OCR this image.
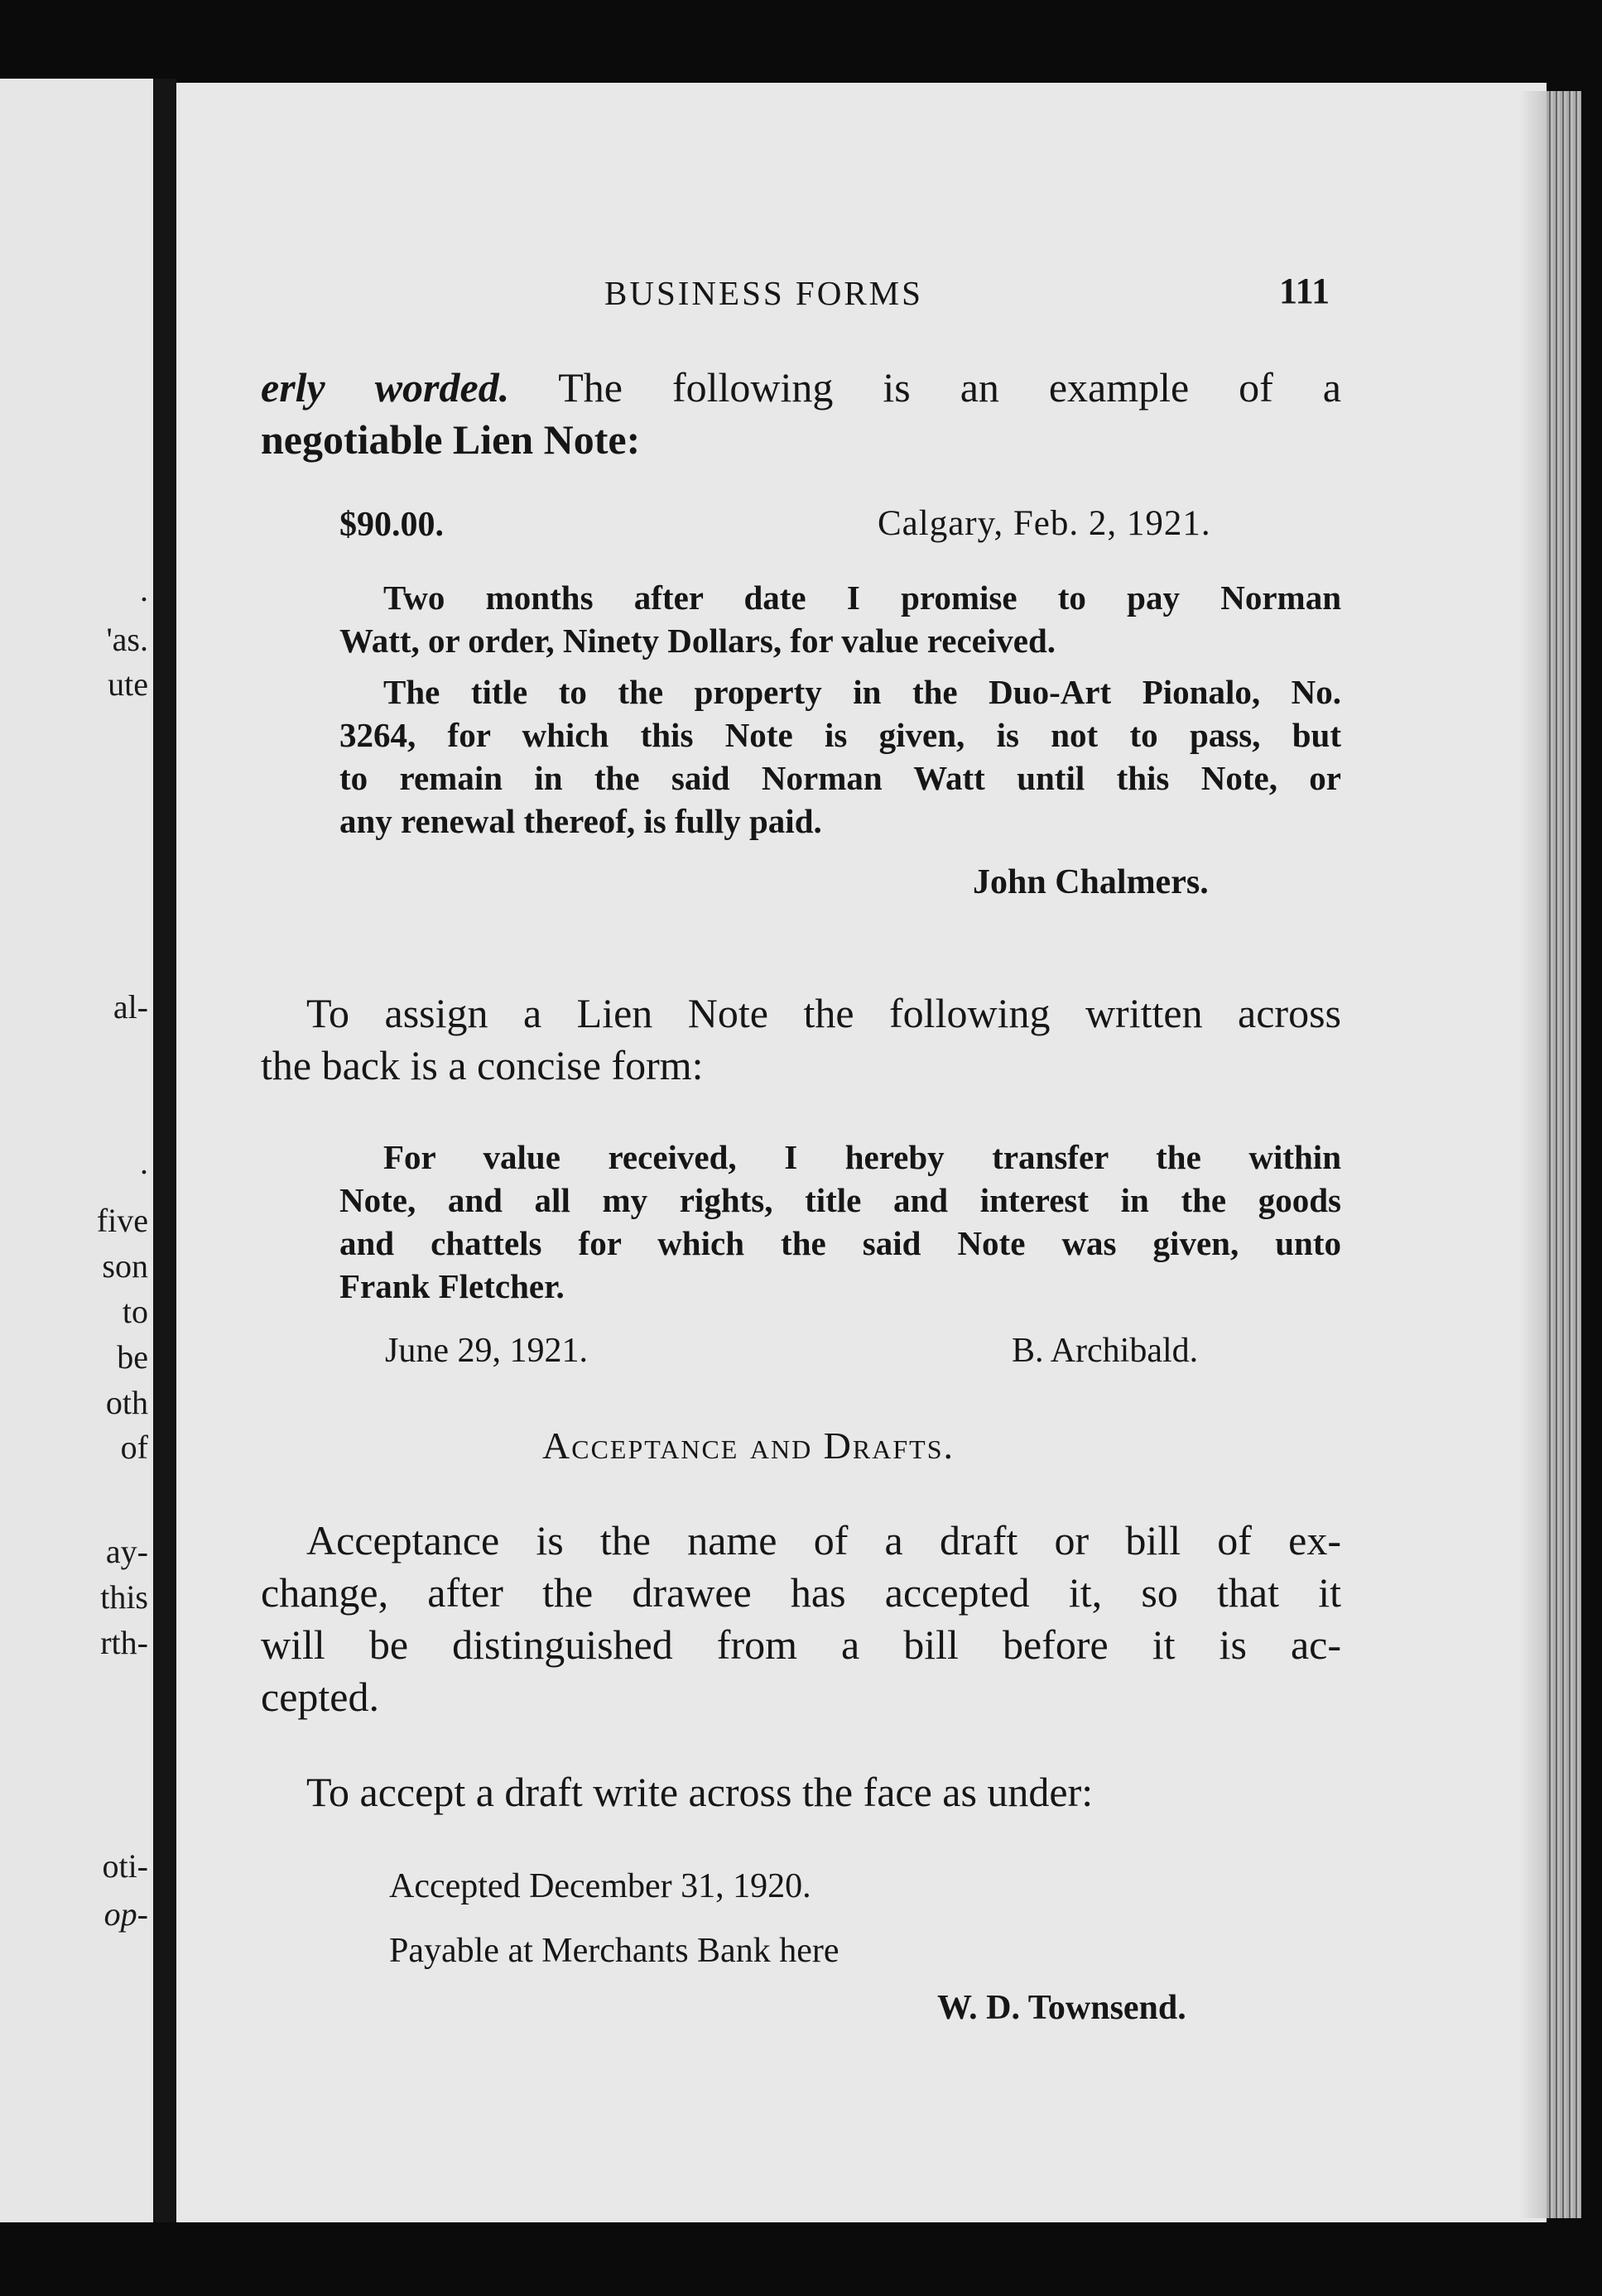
.
'as.
ute
al-
.
five
son
to
be
oth
of
ay-
this
rth-
oti-
op-
BUSINESS FORMS	111
erly worded. The following is an example of a
negotiable Lien Note:
$90.00.	Calgary, Feb. 2, 1921.
Two months after date I promise to pay Norman
Watt, or order, Ninety Dollars, for value received.
The title to the property in the Duo-Art Pionalo, No.
3264, for which this Note is given, is not to pass, but
to remain in the said Norman Watt until this Note, or
any renewal thereof, is fully paid.
John Chalmers.
To assign a Lien Note the following written across
the back is a concise form:
For value received, I hereby transfer the within
Note, and all my rights, title and interest in the goods
and chattels for which the said Note was given, unto
Frank Fletcher.
June 29, 1921.	B. Archibald.
Acceptance and Drafts.
Acceptance is the name of a draft or bill of ex-
change, after the drawee has accepted it, so that it
will be distinguished from a bill before it is ac-
cepted.
To accept a draft write across the face as under:
Accepted December 31, 1920.
Payable at Merchants Bank here
W. D. Townsend.
